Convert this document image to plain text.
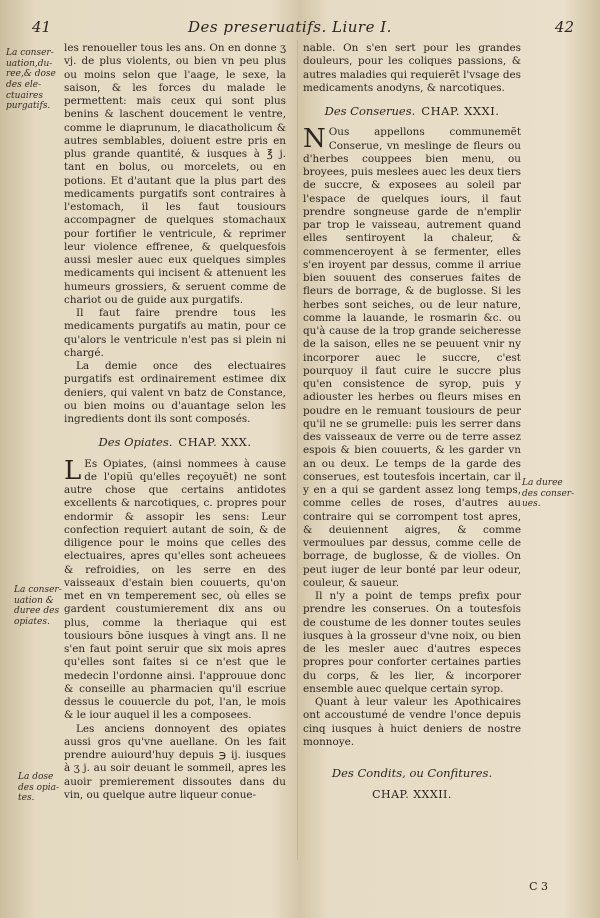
41	Des preseruatifs. Liure I.	42
La conser-uation,du-ree,& dose
des ele-ctuaires purgatifs.
La conser-uation & duree des opiates.
La dose des opia-tes.
La duree des conser-ues.

les renoueller tous les ans. On en donne ʒ vj. de plus violents, ou bien vn peu plus ou moins selon que l'aage, le sexe, la saison, & les forces du malade le permettent: mais ceux qui sont plus benins & laschent doucement le ventre, comme le diaprunum, le diacatholicum & autres semblables, doiuent estre pris en plus grande quantité, & iusques à ℥ j. tant en bolus, ou morcelets, ou en potions. Et d'autant que la plus part des medicaments purgatifs sont contraires à l'estomach, il les faut tousiours accompagner de quelques stomachaux pour fortifier le ventricule, & reprimer leur violence effrenee, & quelquesfois aussi mesler auec eux quelques simples medicaments qui incisent & attenuent les humeurs grossiers, & seruent comme de chariot ou de guide aux purgatifs.

Il faut faire prendre tous les medicaments purgatifs au matin, pour ce qu'alors le ventricule n'est pas si plein ni chargé.

La demie once des electuaires purgatifs est ordinairement estimee dix deniers, qui valent vn batz de Constance, ou bien moins ou d'auantage selon les ingredients dont ils sont composés.

Des Opiates. CHAP. XXX.

LEs Opiates, (ainsi nommees à cause de l'opiũ qu'elles reçoyuẽt) ne sont autre chose que certains antidotes excellents & narcotiques, c. propres pour endormir & assopir les sens: Leur confection requiert autant de soin, & de diligence pour le moins que celles des electuaires, apres qu'elles sont acheuees & refroidies, on les serre en des vaisseaux d'estain bien couuerts, qu'on met en vn temperement sec, où elles se gardent coustumierement dix ans ou plus, comme la theriaque qui est tousiours bõne iusques à vingt ans. Il ne s'en faut point seruir que six mois apres qu'elles sont faites si ce n'est que le medecin l'ordonne ainsi. I'approuue donc & conseille au pharmacien qu'il escriue dessus le couuercle du pot, l'an, le mois & le iour auquel il les a composees.

Les anciens donnoyent des opiates aussi gros qu'vne auellane. On les fait prendre auiourd'huy depuis ℈ ij. iusques à ʒ j. au soir deuant le sommeil, apres les auoir premierement dissoutes dans du vin, ou quelque autre liqueur conue-

nable. On s'en sert pour les grandes douleurs, pour les coliques passions, & autres maladies qui requierẽt l'vsage des medicaments anodyns, & narcotiques.

Des Conserues. CHAP. XXXI.

NOus appellons communemẽt Conserue, vn meslinge de fleurs ou d'herbes couppees bien menu, ou broyees, puis meslees auec les deux tiers de succre, & exposees au soleil par l'espace de quelques iours, il faut prendre songneuse garde de n'emplir par trop le vaisseau, autrement quand elles sentiroyent la chaleur, & commenceroyent à se fermenter, elles s'en iroyent par dessus, comme il arriue bien souuent des conserues faites de fleurs de borrage, & de buglosse. Si les herbes sont seiches, ou de leur nature, comme la lauande, le rosmarin &c. ou qu'à cause de la trop grande seicheresse de la saison, elles ne se peuuent vnir ny incorporer auec le succre, c'est pourquoy il faut cuire le succre plus qu'en consistence de syrop, puis y adiouster les herbes ou fleurs mises en poudre en le remuant tousiours de peur qu'il ne se grumelle: puis les serrer dans des vaisseaux de verre ou de terre assez espois & bien couuerts, & les garder vn an ou deux. Le temps de la garde des conserues, est toutesfois incertain, car il y en a qui se gardent assez long temps, comme celles de roses, d'autres au contraire qui se corrompent tost apres, & deuiennent aigres, & comme vermoulues par dessus, comme celle de borrage, de buglosse, & de violles. On peut iuger de leur bonté par leur odeur, couleur, & saueur.

Il n'y a point de temps prefix pour prendre les conserues. On a toutesfois de coustume de les donner toutes seules iusques à la grosseur d'vne noix, ou bien de les mesler auec d'autres especes propres pour conforter certaines parties du corps, & les lier, & incorporer ensemble auec quelque certain syrop.

Quant à leur valeur les Apothicaires ont accoustumé de vendre l'once depuis cinq iusques à huict deniers de nostre monnoye.

Des Condits, ou Confitures.
CHAP. XXXII.
C 3
